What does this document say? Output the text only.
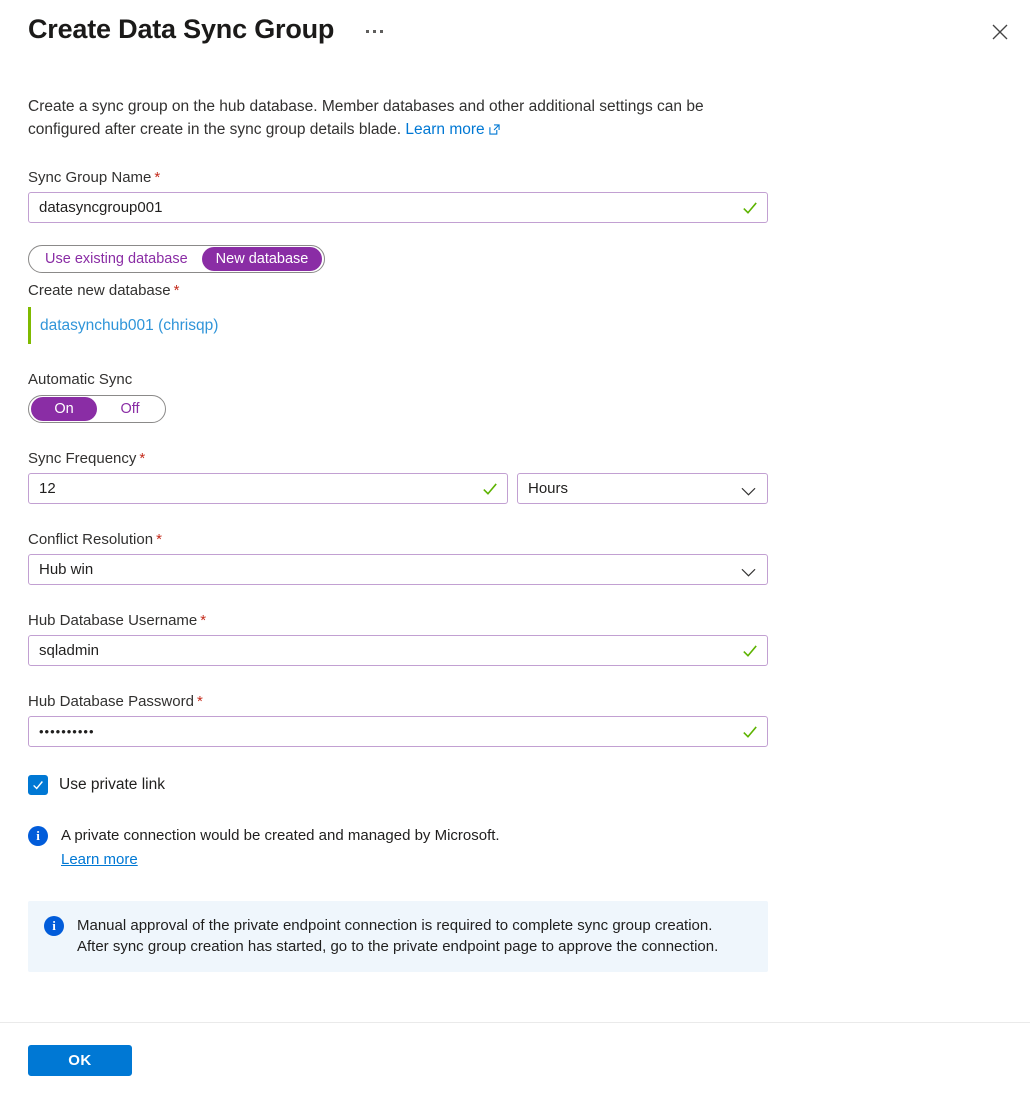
Create Data Sync Group
Create a sync group on the hub database. Member databases and other additional settings can be configured after create in the sync group details blade. Learn more
Sync Group Name *
datasyncgroup001
Use existing database	New database
Create new database *
datasynchub001 (chrisqp)
Automatic Sync
On	Off
Sync Frequency *
12
Hours
Conflict Resolution *
Hub win
Hub Database Username *
sqladmin
Hub Database Password *
••••••••••
Use private link
i	A private connection would be created and managed by Microsoft.
Learn more
i	Manual approval of the private endpoint connection is required to complete sync group creation. After sync group creation has started, go to the private endpoint page to approve the connection.
OK
